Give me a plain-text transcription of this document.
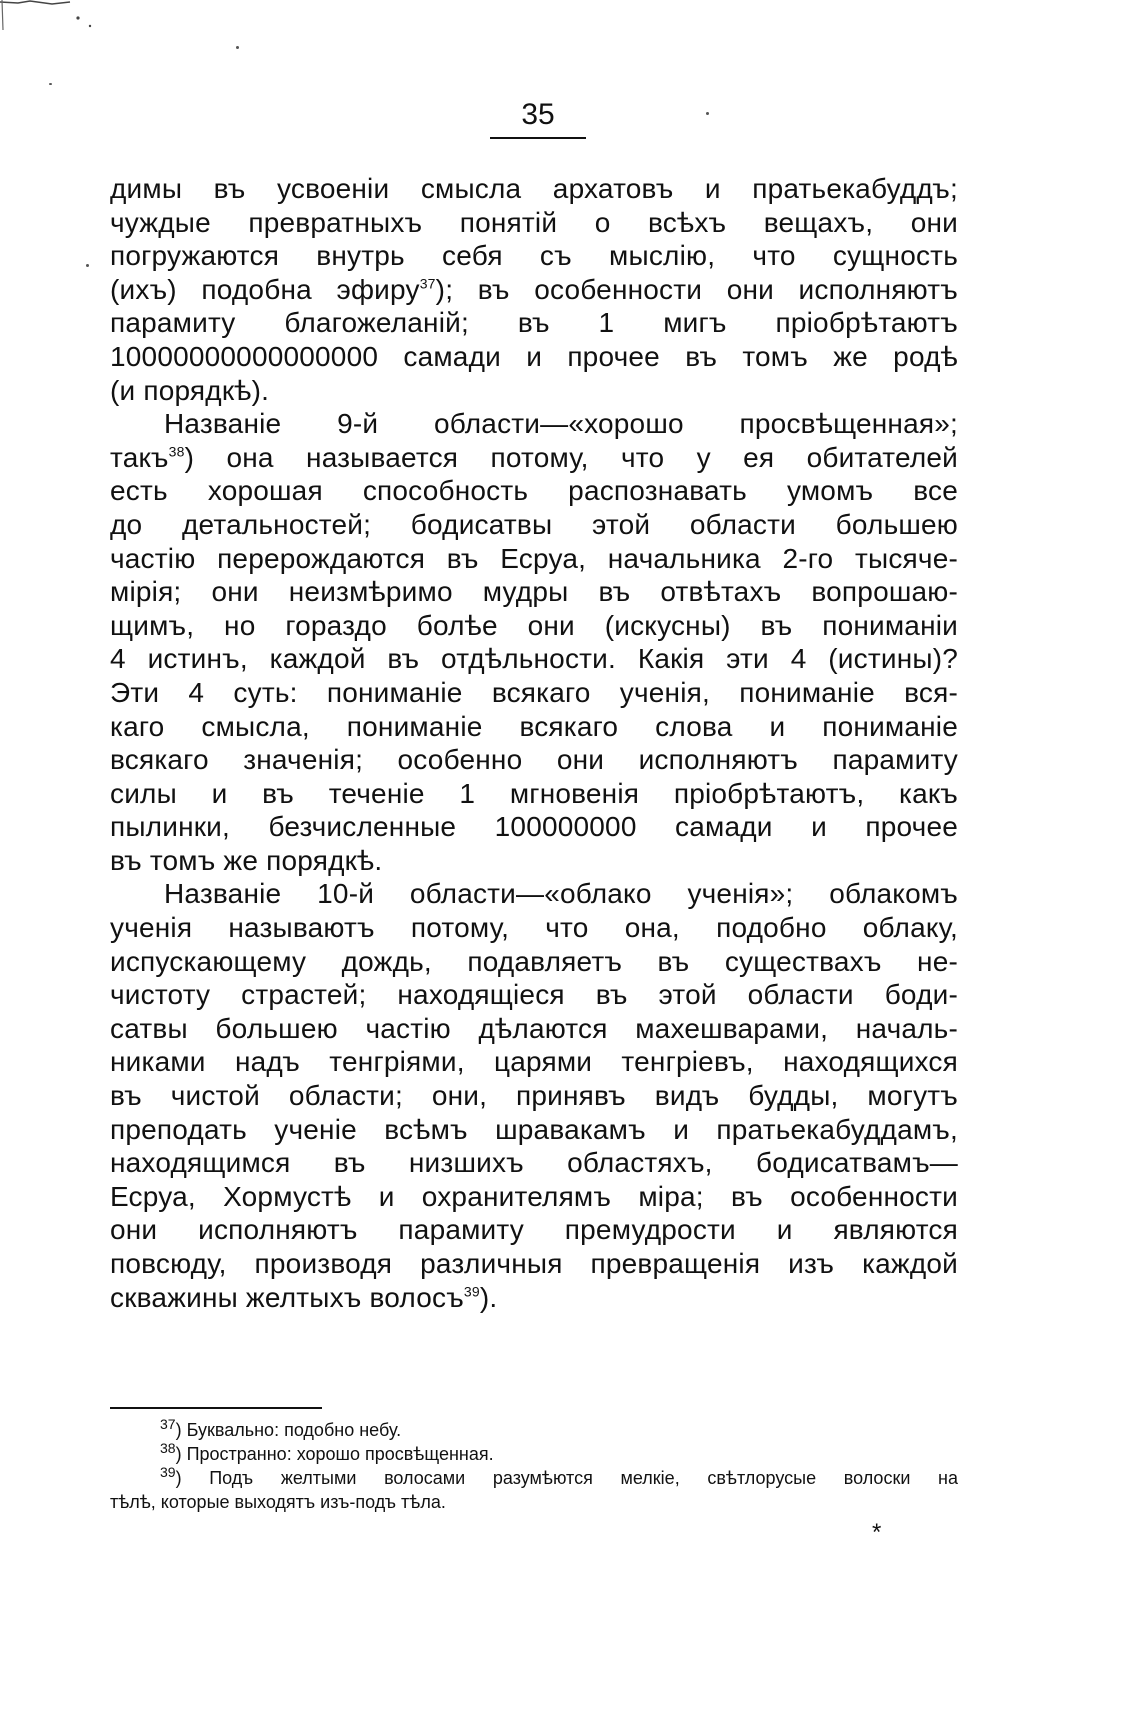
35
димы въ усвоеніи смысла архатовъ и пратьекабуддъ;
чуждые превратныхъ понятій о всѣхъ вещахъ, они
погружаются внутрь себя съ мыслію, что сущность
(ихъ) подобна эфиру$^{37}$); въ особенности они исполняютъ
парамиту благожеланій; въ 1 мигъ пріобрѣтаютъ
10000000000000000 самади и прочее въ томъ же родѣ
(и порядкѣ).
Названіе 9-й области—«хорошо просвѣщенная»;
такъ$^{38}$) она называется потому, что у ея обитателей
есть хорошая способность распознавать умомъ все
до детальностей; бодисатвы этой области большею
частію перерождаются въ Есруа, начальника 2-го тысяче-
мірія; они неизмѣримо мудры въ отвѣтахъ вопрошаю-
щимъ, но гораздо болѣе они (искусны) въ пониманіи
4 истинъ, каждой въ отдѣльности. Какія эти 4 (истины)?
Эти 4 суть: пониманіе всякаго ученія, пониманіе вся-
каго смысла, пониманіе всякаго слова и пониманіе
всякаго значенія; особенно они исполняютъ парамиту
силы и въ теченіе 1 мгновенія пріобрѣтаютъ, какъ
пылинки, безчисленные 100000000 самади и прочее
въ томъ же порядкѣ.
Названіе 10-й области—«облако ученія»; облакомъ
ученія называютъ потому, что она, подобно облаку,
испускающему дождь, подавляетъ въ существахъ не-
чистоту страстей; находящіеся въ этой области боди-
сатвы большею частію дѣлаются махешварами, началь-
никами надъ тенгріями, царями тенгріевъ, находящихся
въ чистой области; они, принявъ видъ будды, могутъ
преподать ученіе всѣмъ шравакамъ и пратьекабуддамъ,
находящимся въ низшихъ областяхъ, бодисатвамъ—
Есруа, Хормустѣ и охранителямъ міра; въ особенности
они исполняютъ парамиту премудрости и являются
повсюду, производя различныя превращенія изъ каждой
скважины желтыхъ волосъ$^{39}$).
$^{37}$) Буквально: подобно небу.
$^{38}$) Пространно: хорошо просвѣщенная.
$^{39}$) Подъ желтыми волосами разумѣются мелкіе, свѣтлорусые волоски на
тѣлѣ, которые выходятъ изъ-подъ тѣла.
*
